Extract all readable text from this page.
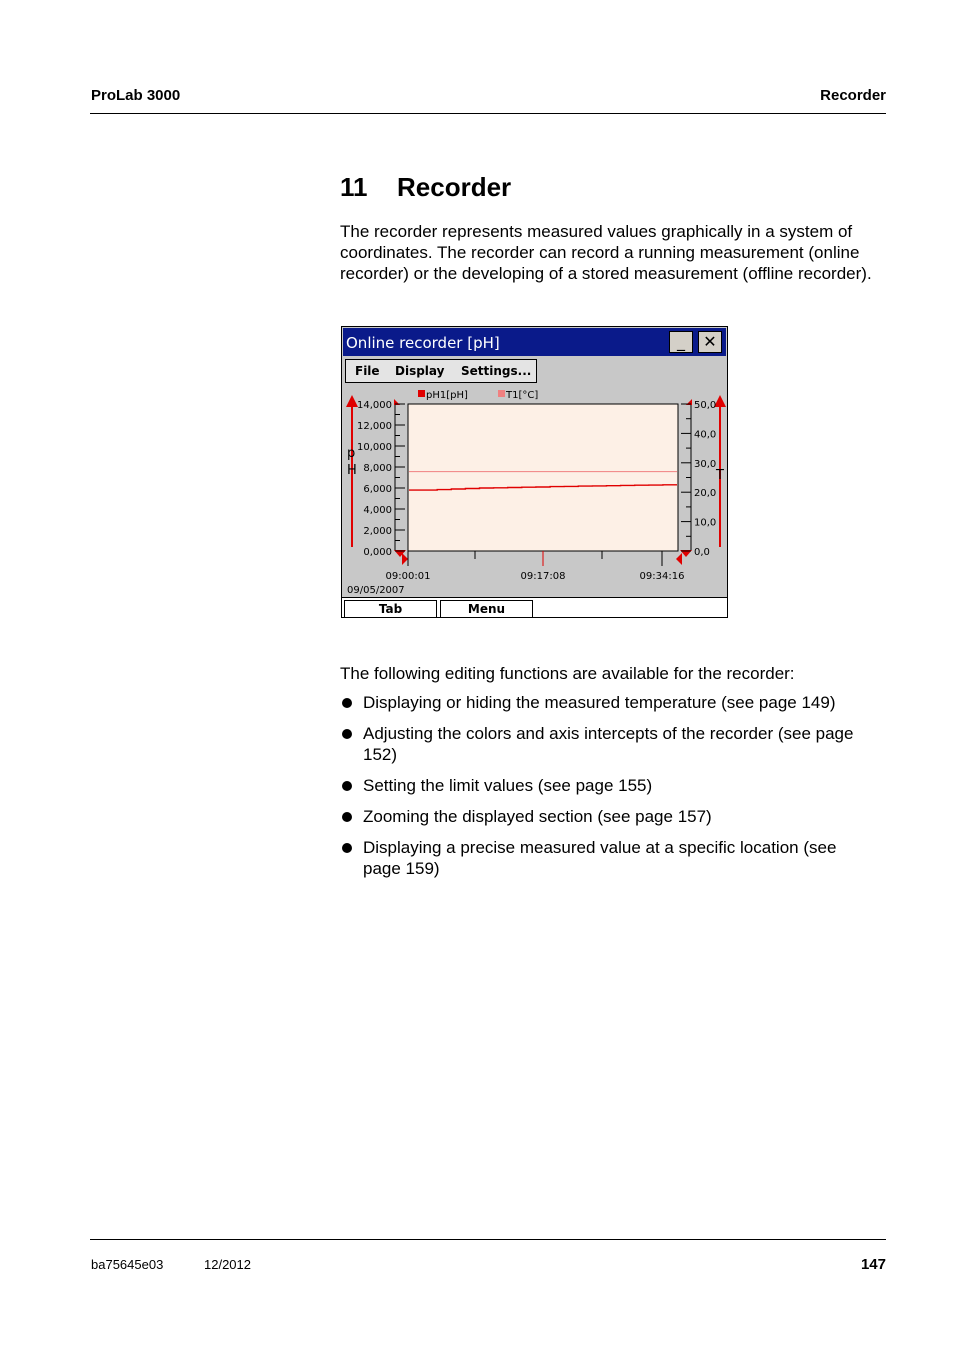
ProLab 3000	Recorder
11 Recorder

The recorder represents measured values graphically in a system of coordinates. The recorder can record a running measurement (online recorder) or the developing of a stored measurement (offline recorder).

Online recorder [pH]	_	✕
File Display Settings...
pH1[pH]	T1[°C]
p
H
14,000
12,000
10,000
8,000
6,000
4,000
2,000
0,000
T
50,0
40,0
30,0
20,0
10,0
0,0
09:00:01	09:17:08	09:34:16
09/05/2007
Tab	Menu

The following editing functions are available for the recorder:

Displaying or hiding the measured temperature (see page 149)
Adjusting the colors and axis intercepts of the recorder (see page 152)
Setting the limit values (see page 155)
Zooming the displayed section (see page 157)
Displaying a precise measured value at a specific location (see page 159)
ba75645e03	12/2012	147
